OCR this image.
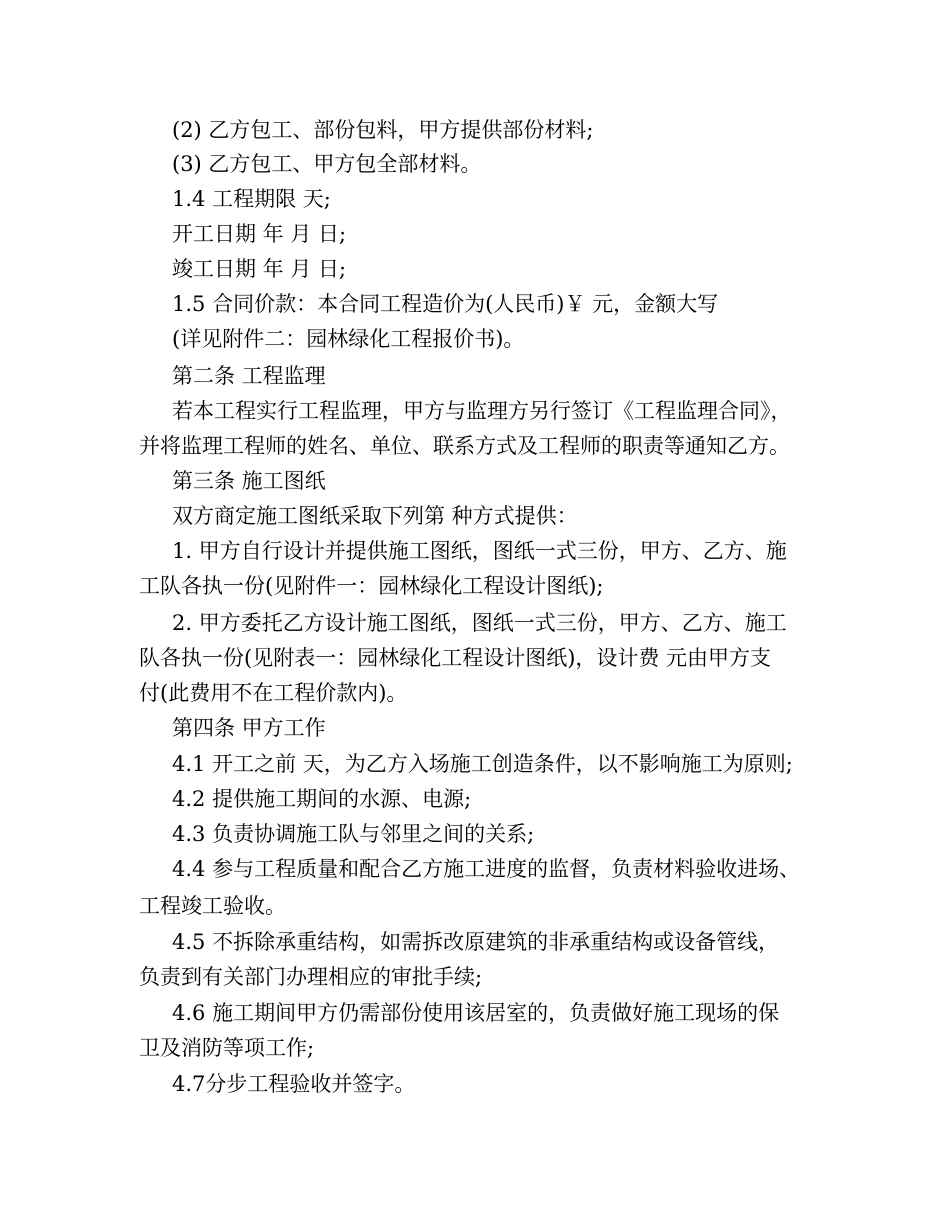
(2) 乙方包工、部份包料，甲方提供部份材料;
(3) 乙方包工、甲方包全部材料。
1.4 工程期限 天;
开工日期 年 月 日;
竣工日期 年 月 日;
1.5 合同价款：本合同工程造价为(人民币)￥ 元，金额大写
(详见附件二：园林绿化工程报价书)。
第二条 工程监理
若本工程实行工程监理，甲方与监理方另行签订《工程监理合同》，
并将监理工程师的姓名、单位、联系方式及工程师的职责等通知乙方。
第三条 施工图纸
双方商定施工图纸采取下列第 种方式提供：
1. 甲方自行设计并提供施工图纸，图纸一式三份，甲方、乙方、施
工队各执一份(见附件一：园林绿化工程设计图纸);
2. 甲方委托乙方设计施工图纸，图纸一式三份，甲方、乙方、施工
队各执一份(见附表一：园林绿化工程设计图纸)，设计费 元由甲方支
付(此费用不在工程价款内)。
第四条 甲方工作
4.1 开工之前 天，为乙方入场施工创造条件，以不影响施工为原则;
4.2 提供施工期间的水源、电源;
4.3 负责协调施工队与邻里之间的关系;
4.4 参与工程质量和配合乙方施工进度的监督，负责材料验收进场、
工程竣工验收。
4.5 不拆除承重结构，如需拆改原建筑的非承重结构或设备管线，
负责到有关部门办理相应的审批手续;
4.6 施工期间甲方仍需部份使用该居室的，负责做好施工现场的保
卫及消防等项工作;
4.7分步工程验收并签字。
